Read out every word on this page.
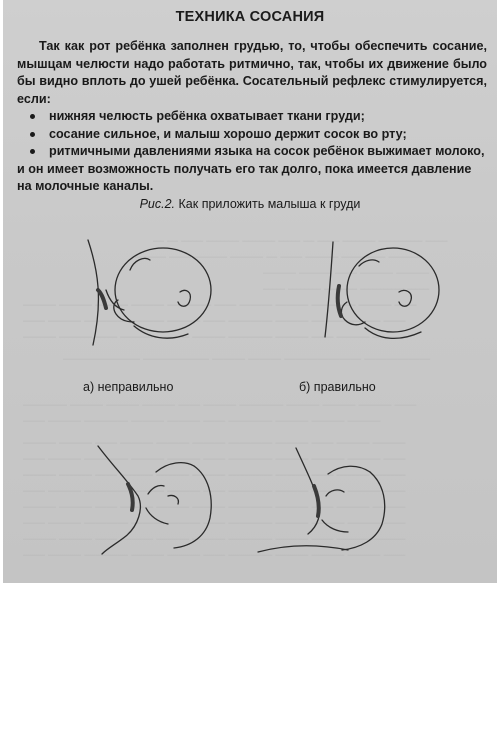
— — —— ——— ——— —— — —— ——— ———— ——
——— —— ——— ——— — —— ——— ———— ———
——— ——— —— ——— ———
—— ——— ——— ———— ——
——— ——— ——— ——— ———— —— ——— ——— ———— ——— ——
—— ——— ———— ——— ——— —— ———— ——— ——— ——— ——
——— ——— —— ——— ——— ——— ———— ——— —— ——— ———
——————— —————— ——— ——— ——————— ——————
———— ——— ——— ——— —— ——— ———— ——— ——— ——— ——
—— ——— ———— ——— ——— —— ———— ——— ——— ———
——— ——— —— ——— ——— ——— ———— ——— —— ——— ———
—— ——— ———— ——— ——— —— ———— ——— ——— ——— ——
——— ——— —— ——— ——— ——— ———— ——— —— ——— ———
—— ——— ———— ——— ——— —— ———— ——— ——— ——— ——
——— ——— —— ——— ——— ——— ———— ——— —— ——— ———
—— ——— ———— ——— ——— —— ———— ——— ——— ——— ——
——— ——— —— ——— ——— ——— ———— ——— —— ——— ———
—— ——— ———— ——— ——— —— ———— ——— ——— ——— ——
ТЕХНИКА СОСАНИЯ

Так как рот ребёнка заполнен грудью, то, чтобы обеспечить сосание, мышцам челюсти надо работать ритмично, так, чтобы их движение было бы видно вплоть до ушей ребёнка. Сосательный рефлекс стимулируется, если:

нижняя челюсть ребёнка охватывает ткани груди;
сосание сильное, и малыш хорошо держит сосок во рту;
ритмичными давлениями языка на сосок ребёнок выжимает молоко, и он имеет возможность получать его так долго, пока имеется давление на молочные каналы.
Рис.2. Как приложить малыша к груди
а) неправильно	б) правильно
